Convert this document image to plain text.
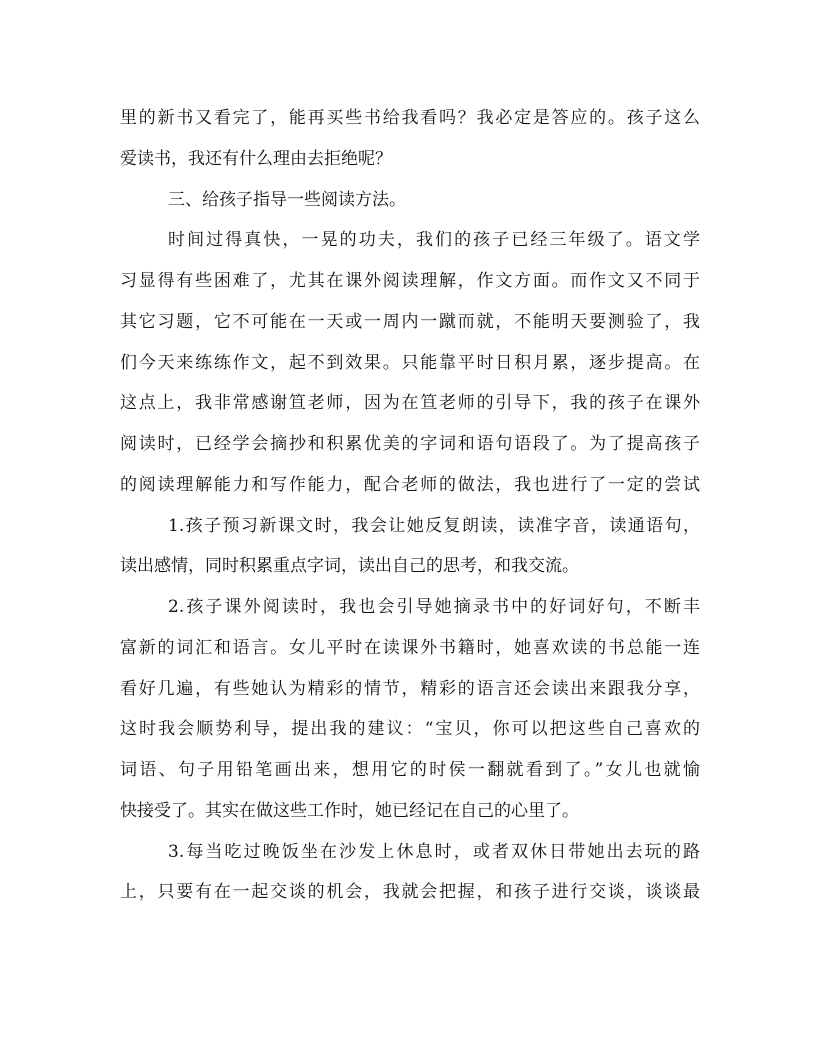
里的新书又看完了，能再买些书给我看吗？我必定是答应的。孩子这么
爱读书，我还有什么理由去拒绝呢？
三、给孩子指导一些阅读方法。
时间过得真快，一晃的功夫，我们的孩子已经三年级了。语文学
习显得有些困难了，尤其在课外阅读理解，作文方面。而作文又不同于
其它习题，它不可能在一天或一周内一蹴而就，不能明天要测验了，我
们今天来练练作文，起不到效果。只能靠平时日积月累，逐步提高。在
这点上，我非常感谢笪老师，因为在笪老师的引导下，我的孩子在课外
阅读时，已经学会摘抄和积累优美的字词和语句语段了。为了提高孩子
的阅读理解能力和写作能力，配合老师的做法，我也进行了一定的尝试
1.孩子预习新课文时，我会让她反复朗读，读准字音，读通语句，
读出感情，同时积累重点字词，读出自己的思考，和我交流。
2.孩子课外阅读时，我也会引导她摘录书中的好词好句，不断丰
富新的词汇和语言。女儿平时在读课外书籍时，她喜欢读的书总能一连
看好几遍，有些她认为精彩的情节，精彩的语言还会读出来跟我分享，
这时我会顺势利导，提出我的建议：“宝贝，你可以把这些自己喜欢的
词语、句子用铅笔画出来，想用它的时侯一翻就看到了。”女儿也就愉
快接受了。其实在做这些工作时，她已经记在自己的心里了。
3.每当吃过晚饭坐在沙发上休息时，或者双休日带她出去玩的路
上，只要有在一起交谈的机会，我就会把握，和孩子进行交谈，谈谈最
